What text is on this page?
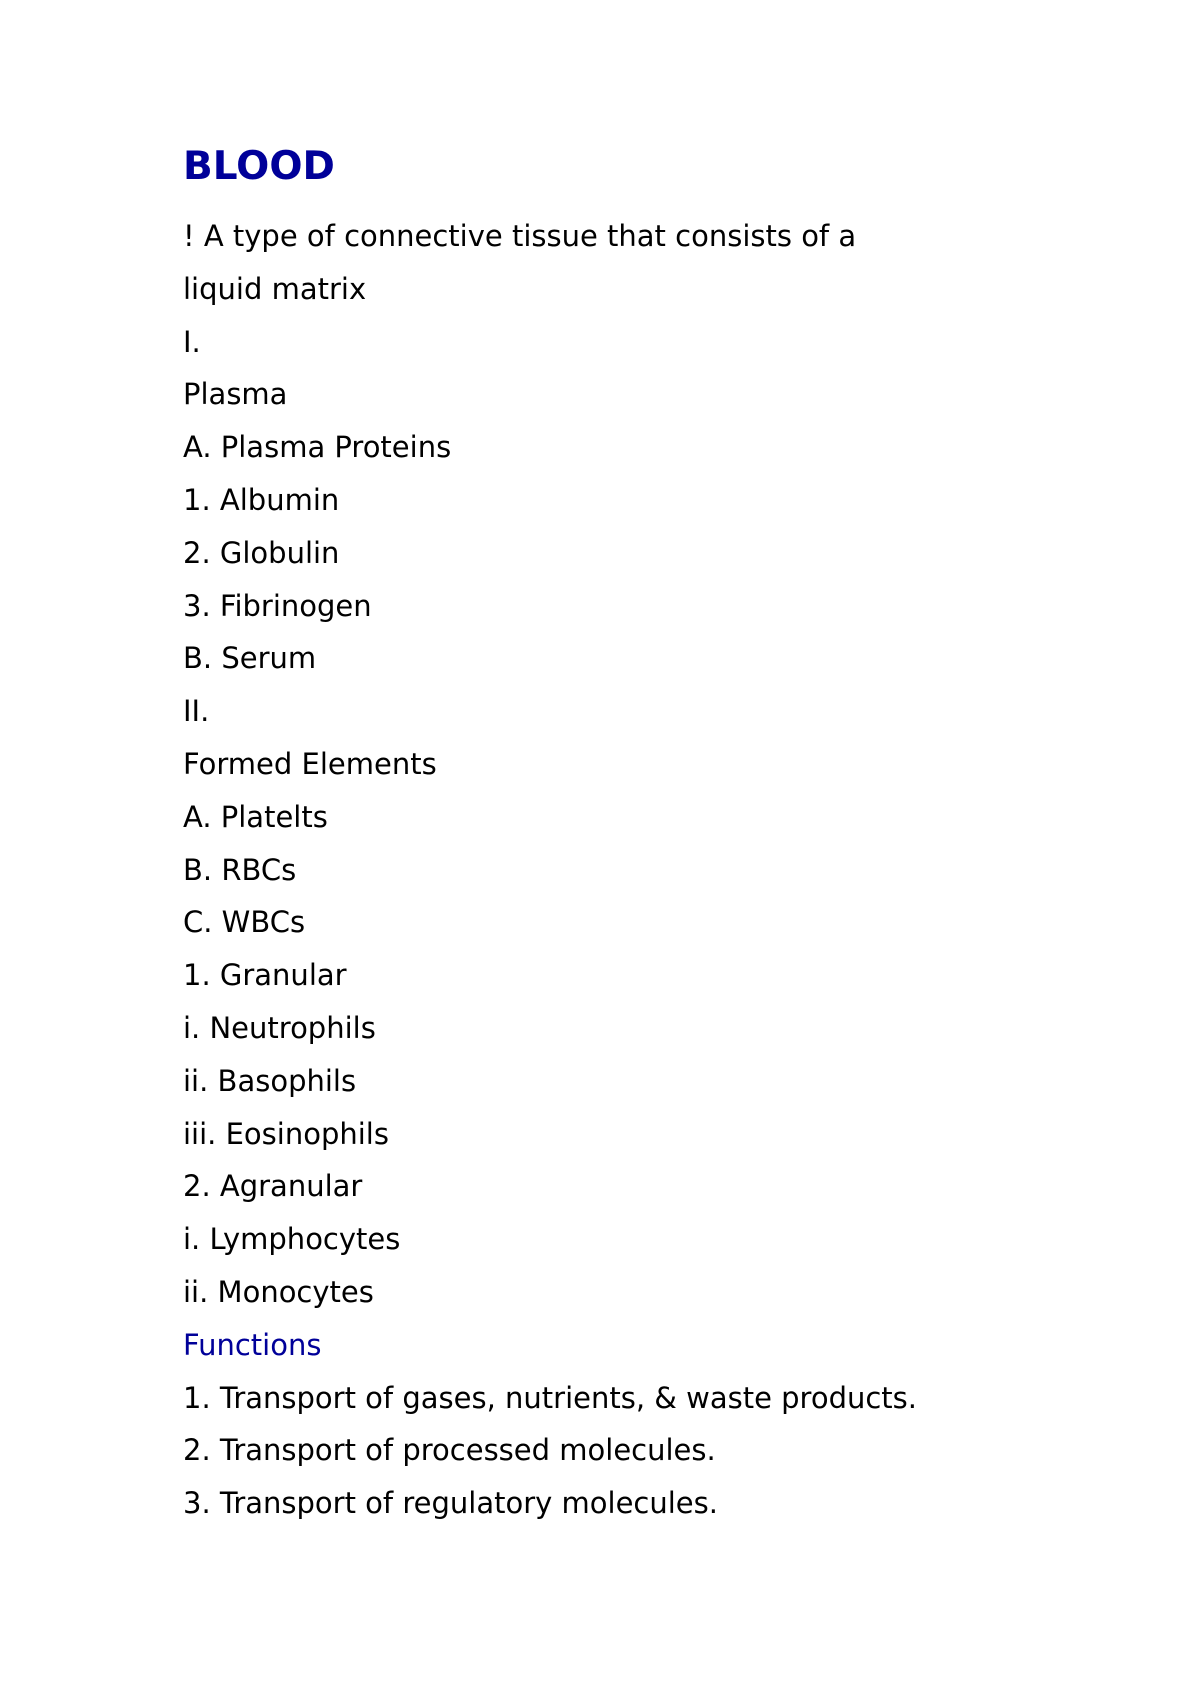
BLOOD
! A type of connective tissue that consists of a
liquid matrix
I.
Plasma
A. Plasma Proteins
1. Albumin
2. Globulin
3. Fibrinogen
B. Serum
II.
Formed Elements
A. Platelts
B. RBCs
C. WBCs
1. Granular
i. Neutrophils
ii. Basophils
iii. Eosinophils
2. Agranular
i. Lymphocytes
ii. Monocytes
Functions
1. Transport of gases, nutrients, & waste products.
2. Transport of processed molecules.
3. Transport of regulatory molecules.
